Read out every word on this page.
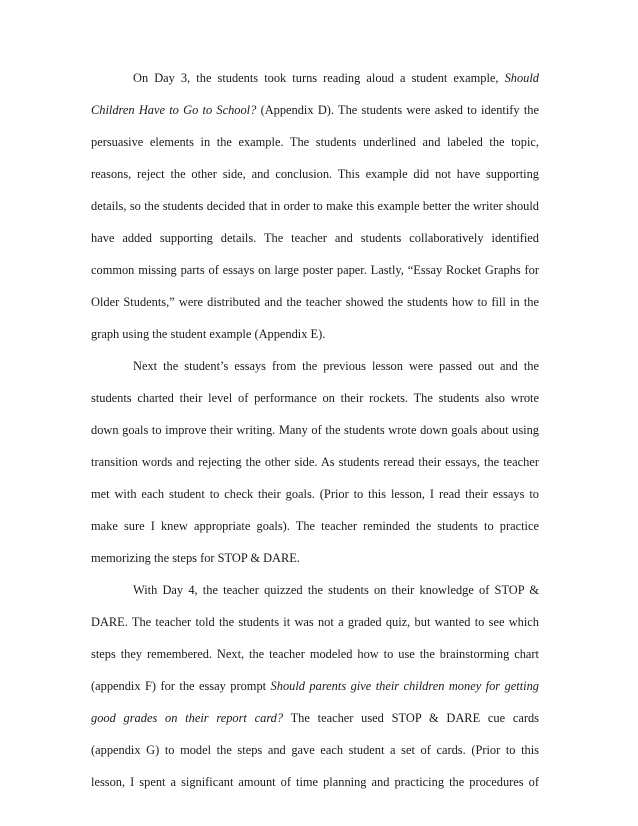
On Day 3, the students took turns reading aloud a student example, Should
Children Have to Go to School? (Appendix D). The students were asked to identify the
persuasive elements in the example. The students underlined and labeled the topic,
reasons, reject the other side, and conclusion. This example did not have supporting
details, so the students decided that in order to make this example better the writer should
have added supporting details. The teacher and students collaboratively identified
common missing parts of essays on large poster paper. Lastly, “Essay Rocket Graphs for
Older Students,” were distributed and the teacher showed the students how to fill in the
graph using the student example (Appendix E).
Next the student’s essays from the previous lesson were passed out and the
students charted their level of performance on their rockets. The students also wrote
down goals to improve their writing. Many of the students wrote down goals about using
transition words and rejecting the other side. As students reread their essays, the teacher
met with each student to check their goals. (Prior to this lesson, I read their essays to
make sure I knew appropriate goals). The teacher reminded the students to practice
memorizing the steps for STOP & DARE.
With Day 4, the teacher quizzed the students on their knowledge of STOP &
DARE. The teacher told the students it was not a graded quiz, but wanted to see which
steps they remembered. Next, the teacher modeled how to use the brainstorming chart
(appendix F) for the essay prompt Should parents give their children money for getting
good grades on their report card? The teacher used STOP & DARE cue cards
(appendix G) to model the steps and gave each student a set of cards. (Prior to this
lesson, I spent a significant amount of time planning and practicing the procedures of
